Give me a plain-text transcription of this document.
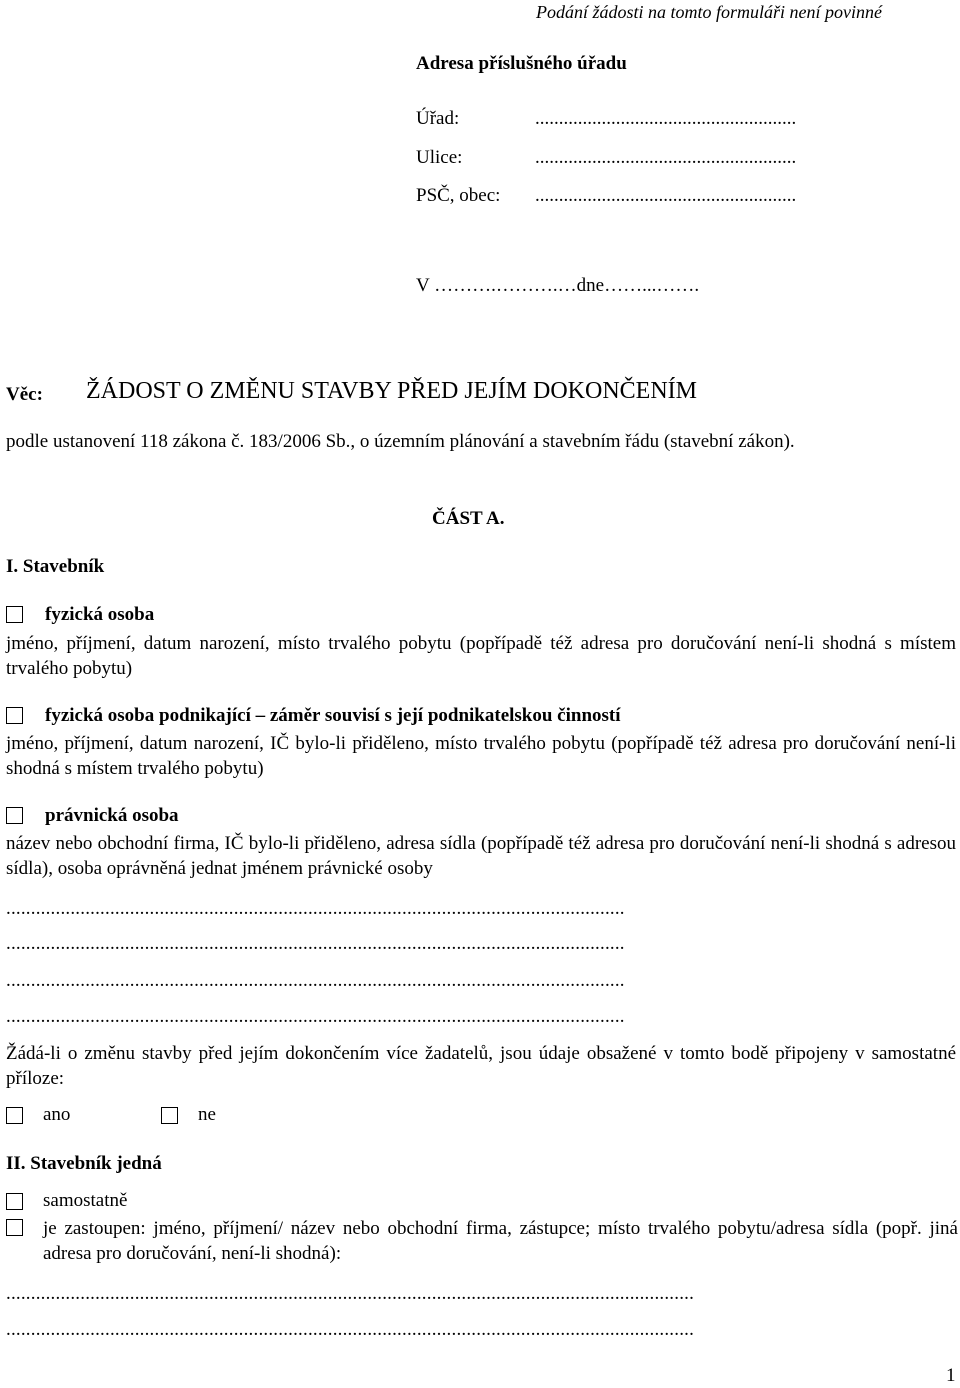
Podání žádosti na tomto formuláři není povinné
Adresa příslušného úřadu
Úřad:	.......................................................
Ulice:	.......................................................
PSČ, obec: .......................................................
V ……….……….…dne……...…….
Věc: ŽÁDOST O ZMĚNU STAVBY PŘED JEJÍM DOKONČENÍM
podle ustanovení 118 zákona č. 183/2006 Sb., o územním plánování a stavebním řádu (stavební zákon).
ČÁST A.
I. Stavebník
fyzická osoba
jméno, příjmení, datum narození, místo trvalého pobytu (popřípadě též adresa pro doručování není-li shodná s místem trvalého pobytu)
fyzická osoba podnikající – záměr souvisí s její podnikatelskou činností
jméno, příjmení, datum narození, IČ bylo-li přiděleno, místo trvalého pobytu (popřípadě též adresa pro doručování není-li shodná s místem trvalého pobytu)
právnická osoba
název nebo obchodní firma, IČ bylo-li přiděleno, adresa sídla (popřípadě též adresa pro doručování není-li shodná s adresou sídla), osoba oprávněná jednat jménem právnické osoby
.............................................................................................................................
.............................................................................................................................
.............................................................................................................................
.............................................................................................................................
Žádá-li o změnu stavby před jejím dokončením více žadatelů, jsou údaje obsažené v tomto bodě připojeny v samostatné příloze:
ano	ne
II. Stavebník jedná
samostatně
je zastoupen: jméno, příjmení/ název nebo obchodní firma, zástupce; místo trvalého pobytu/adresa sídla (popř. jiná adresa pro doručování, není-li shodná):
...........................................................................................................................................
...........................................................................................................................................
1
